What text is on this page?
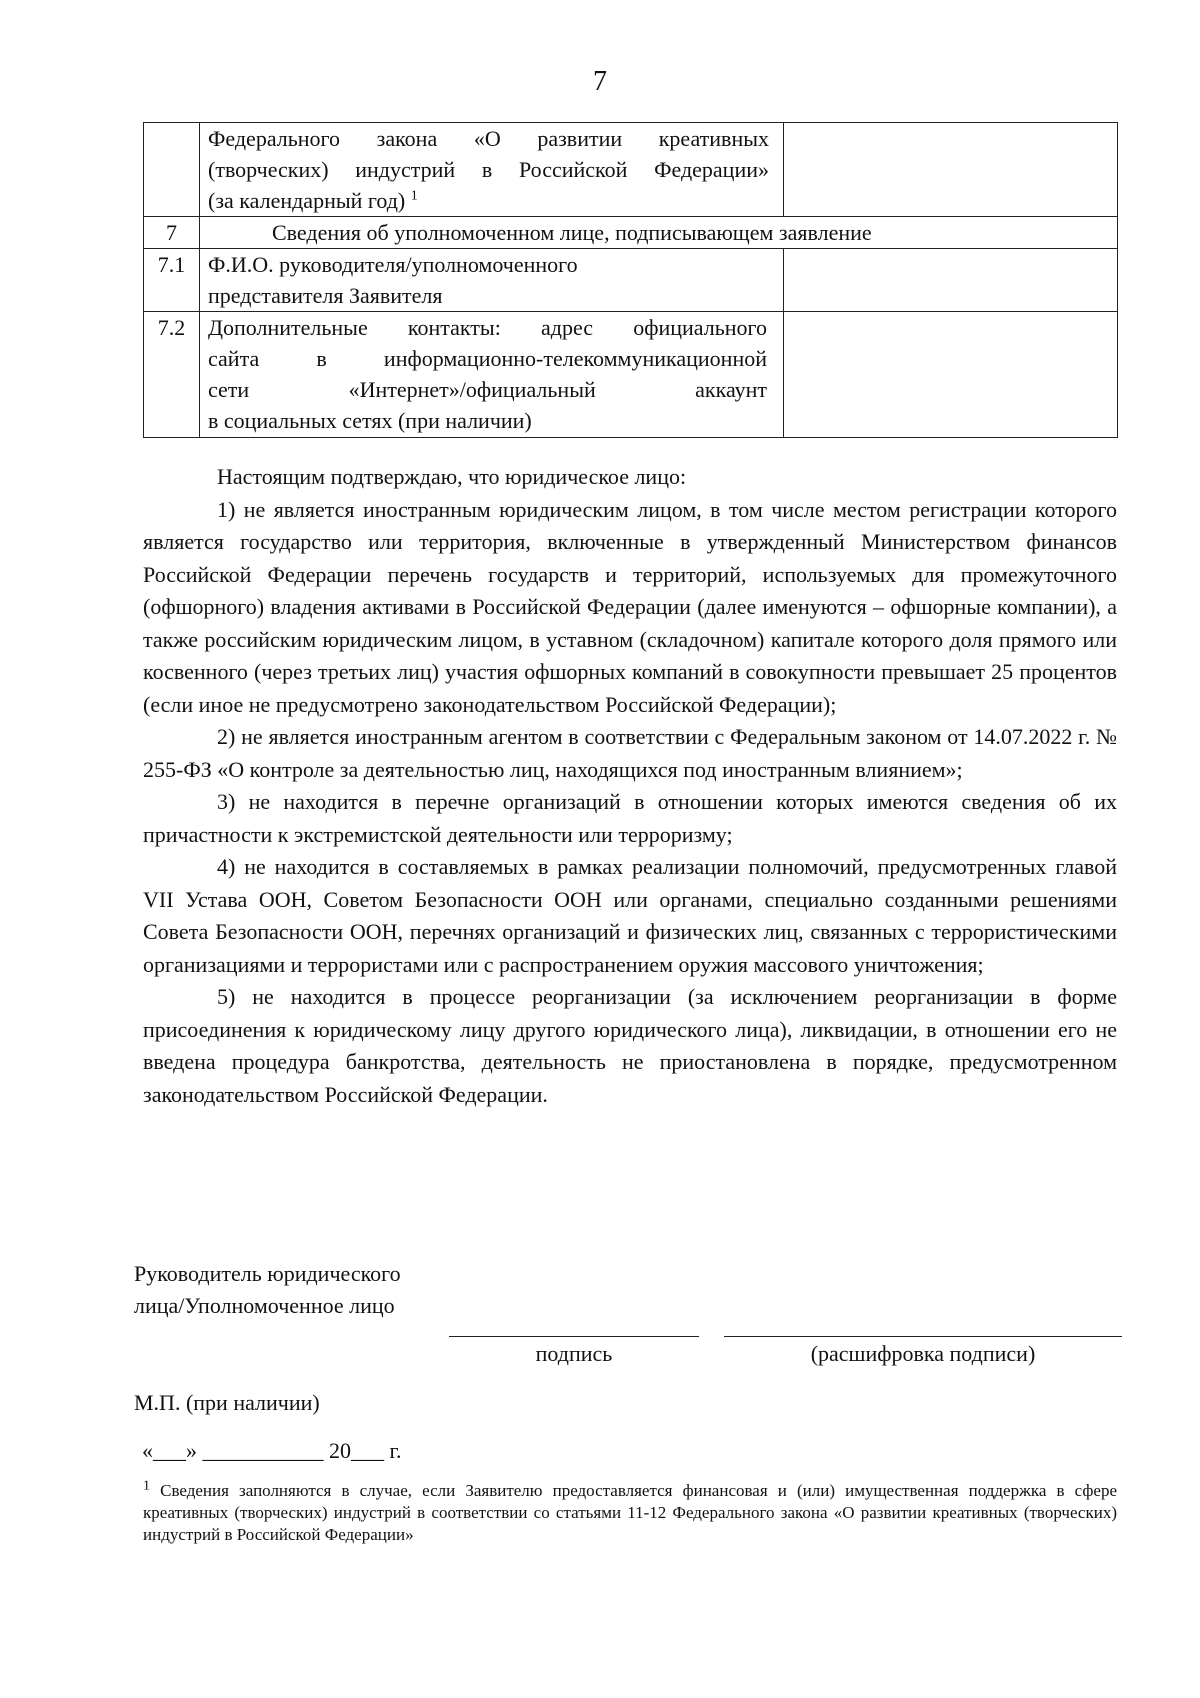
7

	Федерального закона «О развитии креативных (творческих) индустрий в Российской Федерации»
(за календарный год) $^1$

7	Сведения об уполномоченном лице, подписывающем заявление	
7.1	Ф.И.О. руководителя/уполномоченного
представителя Заявителя	

7.2	Дополнительные контакты: адрес официального
сайта в информационно-телекоммуникационной
сети «Интернет»/официальный аккаунт
в социальных сетях (при наличии)	

Настоящим подтверждаю, что юридическое лицо:

1) не является иностранным юридическим лицом, в том числе местом регистрации которого является государство или территория, включенные в утвержденный Министерством финансов Российской Федерации перечень государств и территорий, используемых для промежуточного (офшорного) владения активами в Российской Федерации (далее именуются – офшорные компании), а также российским юридическим лицом, в уставном (складочном) капитале которого доля прямого или косвенного (через третьих лиц) участия офшорных компаний в совокупности превышает 25 процентов (если иное не предусмотрено законодательством Российской Федерации);

2) не является иностранным агентом в соответствии с Федеральным законом от 14.07.2022 г. № 255-ФЗ «О контроле за деятельностью лиц, находящихся под иностранным влиянием»;

3) не находится в перечне организаций в отношении которых имеются сведения об их причастности к экстремистской деятельности или терроризму;

4) не находится в составляемых в рамках реализации полномочий, предусмотренных главой VII Устава ООН, Советом Безопасности ООН или органами, специально созданными решениями Совета Безопасности ООН, перечнях организаций и физических лиц, связанных с террористическими организациями и террористами или с распространением оружия массового уничтожения;

5) не находится в процессе реорганизации (за исключением реорганизации в форме присоединения к юридическому лицу другого юридического лица), ликвидации, в отношении его не введена процедура банкротства, деятельность не приостановлена в порядке, предусмотренном законодательством Российской Федерации.

Руководитель юридического
лица/Уполномоченное лицо
подпись	(расшифровка подписи)
М.П. (при наличии)
«___» ___________ 20___ г.
$^1$ Сведения заполняются в случае, если Заявителю предоставляется финансовая и (или) имущественная поддержка в сфере креативных (творческих) индустрий в соответствии со статьями 11-12 Федерального закона «О развитии креативных (творческих) индустрий в Российской Федерации»
